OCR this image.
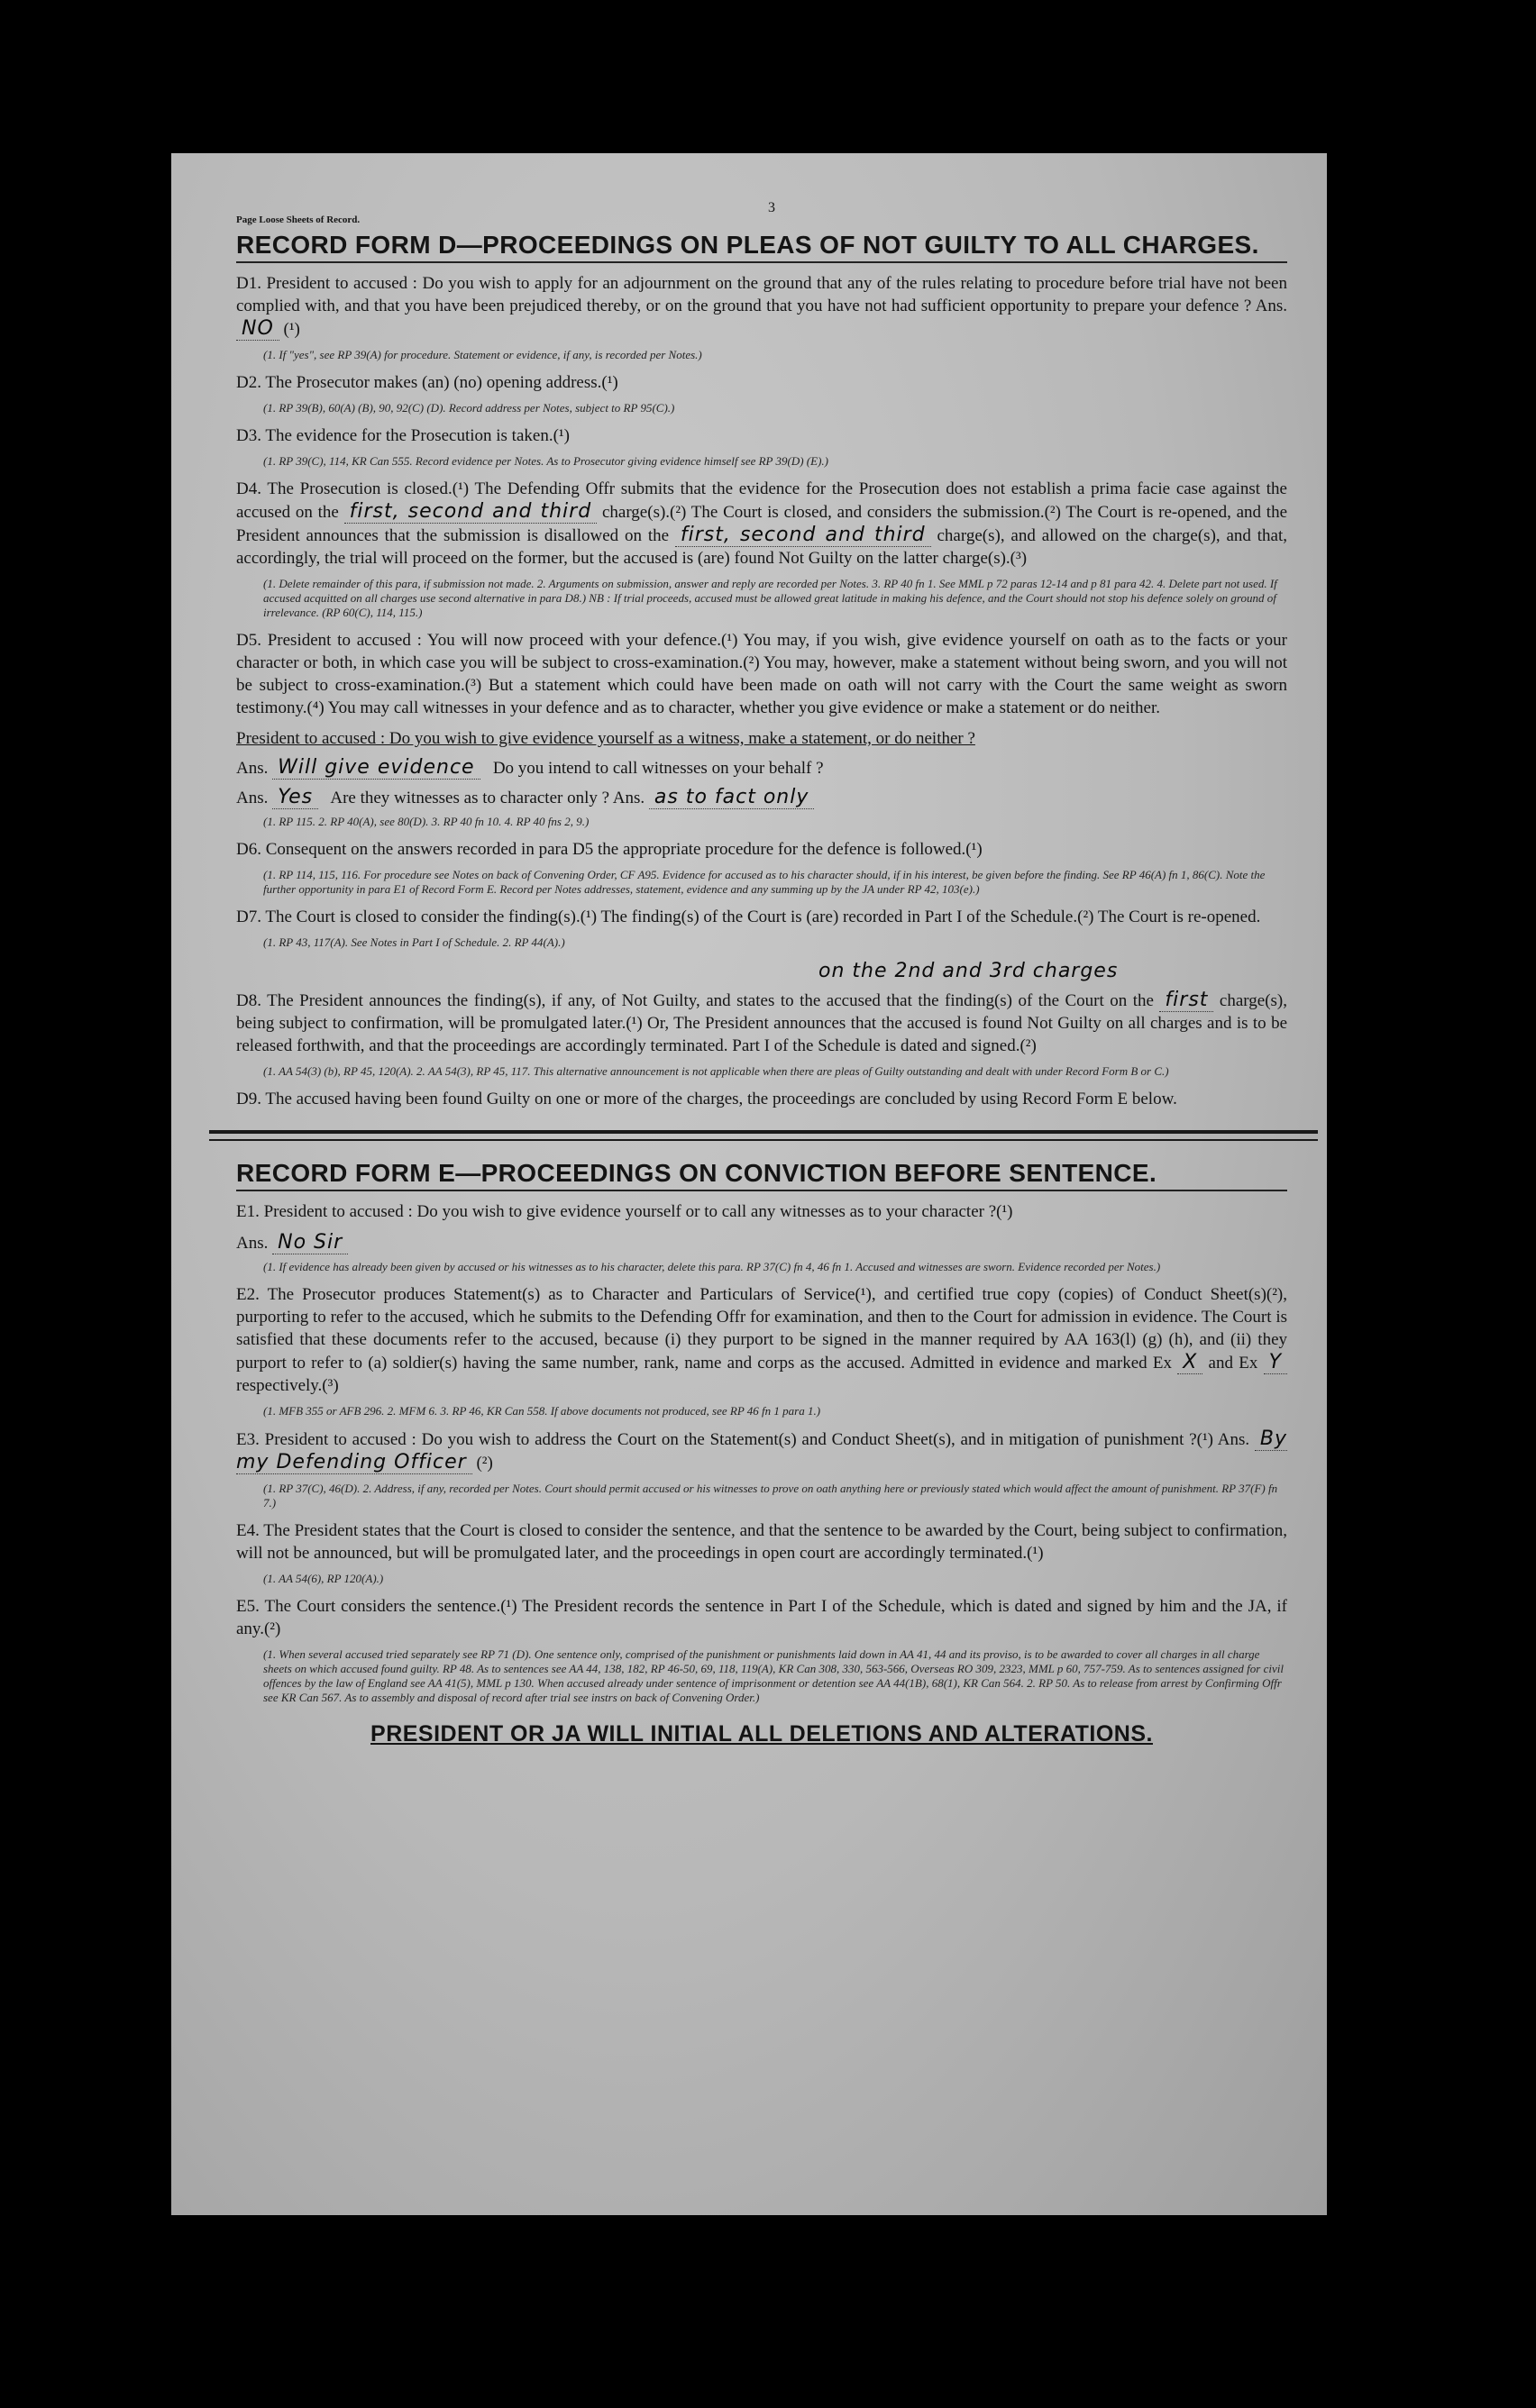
Page Loose Sheets of Record.
3
RECORD FORM D—PROCEEDINGS ON PLEAS OF NOT GUILTY TO ALL CHARGES.

D1. President to accused : Do you wish to apply for an adjournment on the ground that any of the rules relating to procedure before trial have not been complied with, and that you have been prejudiced thereby, or on the ground that you have not had sufficient opportunity to prepare your defence ? Ans. NO (¹)

(1. If "yes", see RP 39(A) for procedure. Statement or evidence, if any, is recorded per Notes.)

D2. The Prosecutor makes (an) (no) opening address.(¹)

(1. RP 39(B), 60(A) (B), 90, 92(C) (D). Record address per Notes, subject to RP 95(C).)

D3. The evidence for the Prosecution is taken.(¹)

(1. RP 39(C), 114, KR Can 555. Record evidence per Notes. As to Prosecutor giving evidence himself see RP 39(D) (E).)

D4. The Prosecution is closed.(¹) The Defending Offr submits that the evidence for the Prosecution does not establish a prima facie case against the accused on the first, second and third charge(s).(²) The Court is closed, and considers the submission.(²) The Court is re-opened, and the President announces that the submission is disallowed on the first, second and third charge(s), and allowed on the charge(s), and that, accordingly, the trial will proceed on the former, but the accused is (are) found Not Guilty on the latter charge(s).(³)

(1. Delete remainder of this para, if submission not made. 2. Arguments on submission, answer and reply are recorded per Notes. 3. RP 40 fn 1. See MML p 72 paras 12-14 and p 81 para 42. 4. Delete part not used. If accused acquitted on all charges use second alternative in para D8.) NB : If trial proceeds, accused must be allowed great latitude in making his defence, and the Court should not stop his defence solely on ground of irrelevance. (RP 60(C), 114, 115.)

D5. President to accused : You will now proceed with your defence.(¹) You may, if you wish, give evidence yourself on oath as to the facts or your character or both, in which case you will be subject to cross-examination.(²) You may, however, make a statement without being sworn, and you will not be subject to cross-examination.(³) But a statement which could have been made on oath will not carry with the Court the same weight as sworn testimony.(⁴) You may call witnesses in your defence and as to character, whether you give evidence or make a statement or do neither.

President to accused : Do you wish to give evidence yourself as a witness, make a statement, or do neither ?
Ans. Will give evidence Do you intend to call witnesses on your behalf ?
Ans. Yes Are they witnesses as to character only ? Ans. as to fact only
(1. RP 115. 2. RP 40(A), see 80(D). 3. RP 40 fn 10. 4. RP 40 fns 2, 9.)

D6. Consequent on the answers recorded in para D5 the appropriate procedure for the defence is followed.(¹)

(1. RP 114, 115, 116. For procedure see Notes on back of Convening Order, CF A95. Evidence for accused as to his character should, if in his interest, be given before the finding. See RP 46(A) fn 1, 86(C). Note the further opportunity in para E1 of Record Form E. Record per Notes addresses, statement, evidence and any summing up by the JA under RP 42, 103(e).)

D7. The Court is closed to consider the finding(s).(¹) The finding(s) of the Court is (are) recorded in Part I of the Schedule.(²) The Court is re-opened.

(1. RP 43, 117(A). See Notes in Part I of Schedule. 2. RP 44(A).)
on the 2nd and 3rd charges

D8. The President announces the finding(s), if any, of Not Guilty, and states to the accused that the finding(s) of the Court on the first charge(s), being subject to confirmation, will be promulgated later.(¹) Or, The President announces that the accused is found Not Guilty on all charges and is to be released forthwith, and that the proceedings are accordingly terminated. Part I of the Schedule is dated and signed.(²)

(1. AA 54(3) (b), RP 45, 120(A). 2. AA 54(3), RP 45, 117. This alternative announcement is not applicable when there are pleas of Guilty outstanding and dealt with under Record Form B or C.)

D9. The accused having been found Guilty on one or more of the charges, the proceedings are concluded by using Record Form E below.

RECORD FORM E—PROCEEDINGS ON CONVICTION BEFORE SENTENCE.

E1. President to accused : Do you wish to give evidence yourself or to call any witnesses as to your character ?(¹)

Ans. No Sir
(1. If evidence has already been given by accused or his witnesses as to his character, delete this para. RP 37(C) fn 4, 46 fn 1. Accused and witnesses are sworn. Evidence recorded per Notes.)

E2. The Prosecutor produces Statement(s) as to Character and Particulars of Service(¹), and certified true copy (copies) of Conduct Sheet(s)(²), purporting to refer to the accused, which he submits to the Defending Offr for examination, and then to the Court for admission in evidence. The Court is satisfied that these documents refer to the accused, because (i) they purport to be signed in the manner required by AA 163(l) (g) (h), and (ii) they purport to refer to (a) soldier(s) having the same number, rank, name and corps as the accused. Admitted in evidence and marked Ex X and Ex Y respectively.(³)

(1. MFB 355 or AFB 296. 2. MFM 6. 3. RP 46, KR Can 558. If above documents not produced, see RP 46 fn 1 para 1.)

E3. President to accused : Do you wish to address the Court on the Statement(s) and Conduct Sheet(s), and in mitigation of punishment ?(¹) Ans. By my Defending Officer (²)

(1. RP 37(C), 46(D). 2. Address, if any, recorded per Notes. Court should permit accused or his witnesses to prove on oath anything here or previously stated which would affect the amount of punishment. RP 37(F) fn 7.)

E4. The President states that the Court is closed to consider the sentence, and that the sentence to be awarded by the Court, being subject to confirmation, will not be announced, but will be promulgated later, and the proceedings in open court are accordingly terminated.(¹)

(1. AA 54(6), RP 120(A).)

E5. The Court considers the sentence.(¹) The President records the sentence in Part I of the Schedule, which is dated and signed by him and the JA, if any.(²)

(1. When several accused tried separately see RP 71 (D). One sentence only, comprised of the punishment or punishments laid down in AA 41, 44 and its proviso, is to be awarded to cover all charges in all charge sheets on which accused found guilty. RP 48. As to sentences see AA 44, 138, 182, RP 46-50, 69, 118, 119(A), KR Can 308, 330, 563-566, Overseas RO 309, 2323, MML p 60, 757-759. As to sentences assigned for civil offences by the law of England see AA 41(5), MML p 130. When accused already under sentence of imprisonment or detention see AA 44(1B), 68(1), KR Can 564. 2. RP 50. As to release from arrest by Confirming Offr see KR Can 567. As to assembly and disposal of record after trial see instrs on back of Convening Order.)
PRESIDENT OR JA WILL INITIAL ALL DELETIONS AND ALTERATIONS.
